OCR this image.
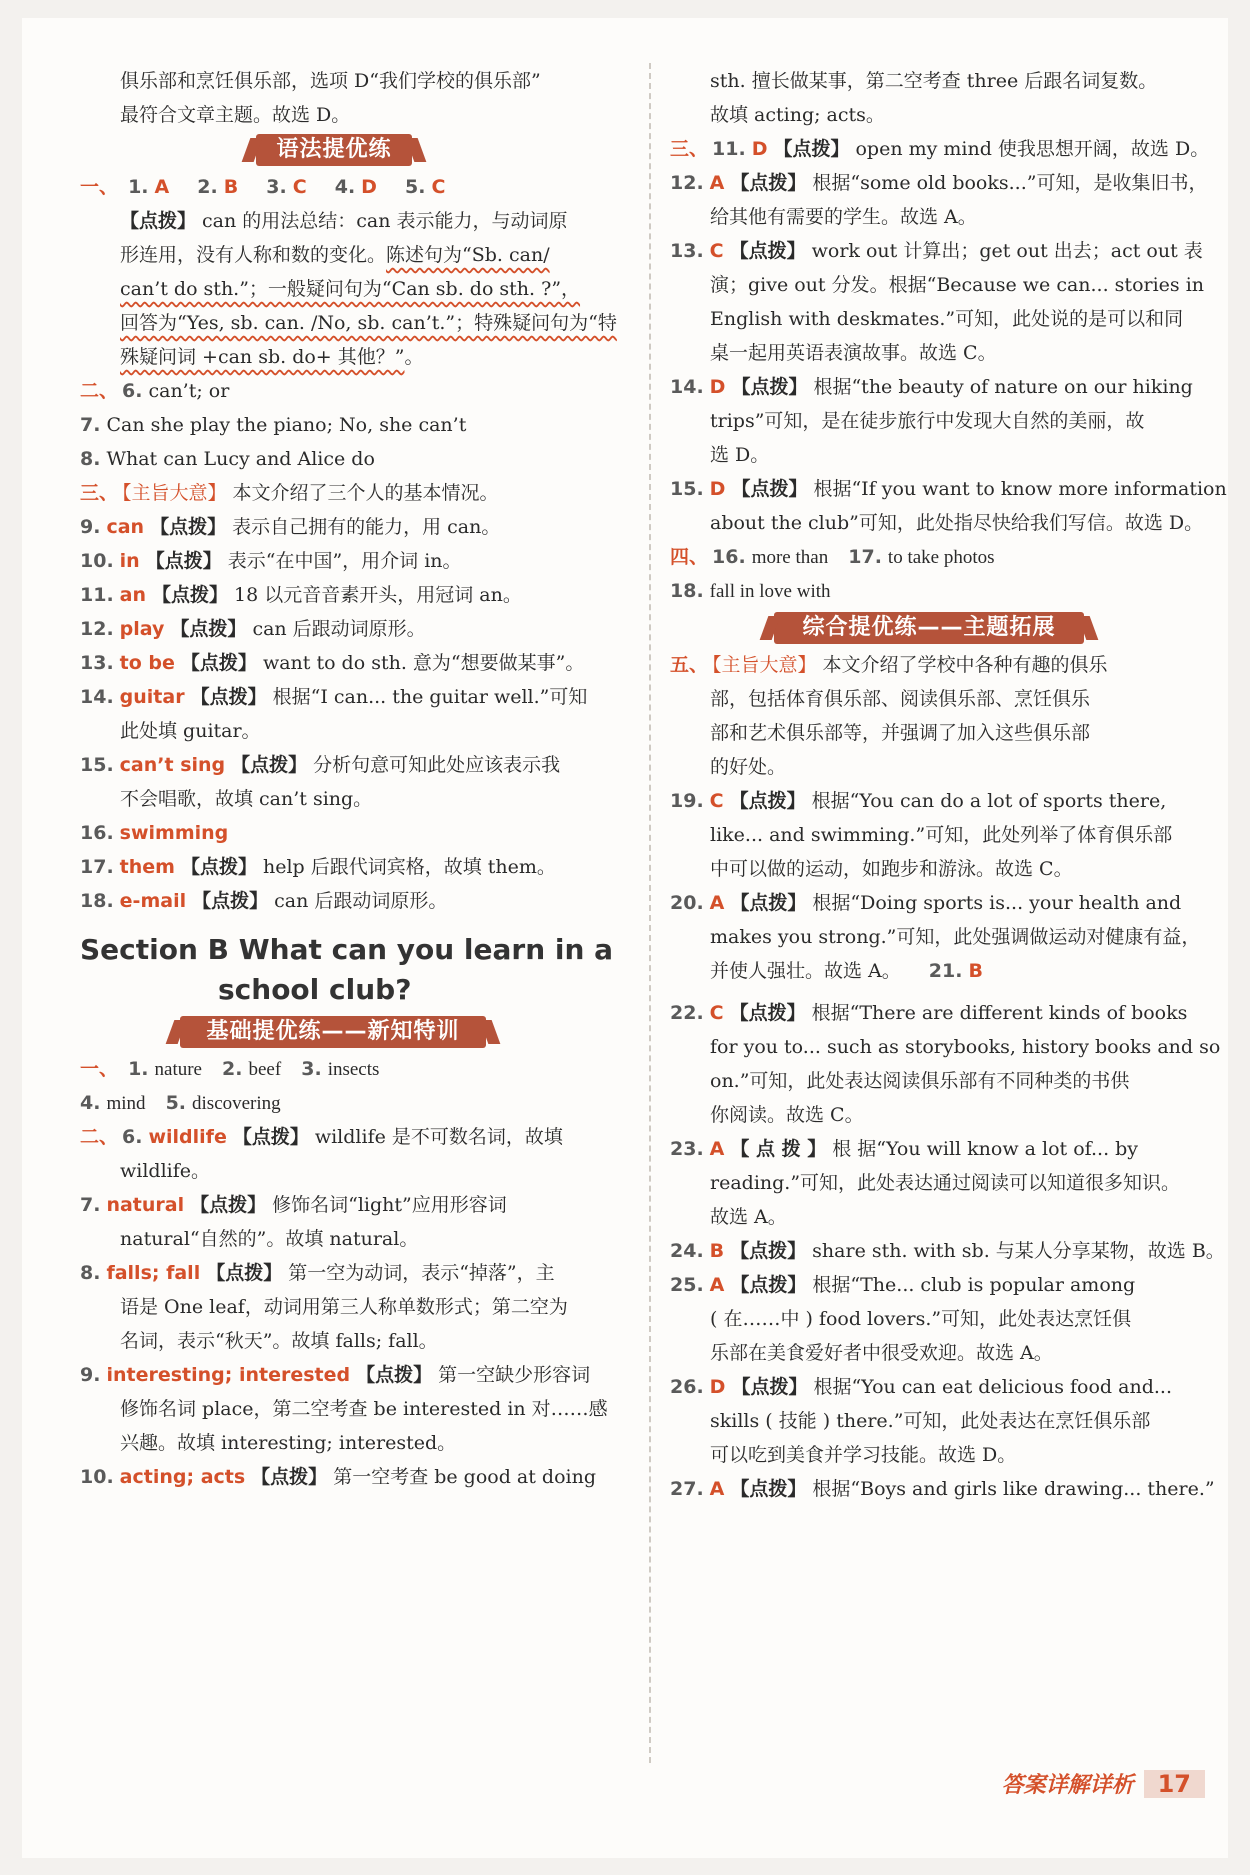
俱乐部和烹饪俱乐部，选项 D“我们学校的俱乐部”
最符合文章主题。故选 D。
语法提优练
一、 1. A 2. B 3. C 4. D 5. C
【点拨】 can 的用法总结：can 表示能力，与动词原
形连用，没有人称和数的变化。陈述句为“Sb. can/
can’t do sth.”；一般疑问句为“Can sb. do sth. ?”，
回答为“Yes, sb. can. /No, sb. can’t.”；特殊疑问句为“特
殊疑问词 +can sb. do+ 其他？”。
二、 6. can’t; or
7. Can she play the piano; No, she can’t
8. What can Lucy and Alice do
三、 【主旨大意】 本文介绍了三个人的基本情况。
9. can 【点拨】 表示自己拥有的能力，用 can。
10. in 【点拨】 表示“在中国”，用介词 in。
11. an 【点拨】 18 以元音音素开头，用冠词 an。
12. play 【点拨】 can 后跟动词原形。
13. to be 【点拨】 want to do sth. 意为“想要做某事”。
14. guitar 【点拨】 根据“I can... the guitar well.”可知
此处填 guitar。
15. can’t sing 【点拨】 分析句意可知此处应该表示我
不会唱歌，故填 can’t sing。
16. swimming
17. them 【点拨】 help 后跟代词宾格，故填 them。
18. e-mail 【点拨】 can 后跟动词原形。
Section B What can you learn in a
school club?
基础提优练——新知特训
一、 1. nature 2. beef 3. insects
4. mind 5. discovering
二、 6. wildlife 【点拨】 wildlife 是不可数名词，故填
wildlife。
7. natural 【点拨】 修饰名词“light”应用形容词
natural“自然的”。故填 natural。
8. falls; fall 【点拨】 第一空为动词，表示“掉落”，主
语是 One leaf，动词用第三人称单数形式；第二空为
名词，表示“秋天”。故填 falls; fall。
9. interesting; interested 【点拨】 第一空缺少形容词
修饰名词 place，第二空考查 be interested in 对……感
兴趣。故填 interesting; interested。
10. acting; acts 【点拨】 第一空考查 be good at doing
sth. 擅长做某事，第二空考查 three 后跟名词复数。
故填 acting; acts。
三、 11. D 【点拨】 open my mind 使我思想开阔，故选 D。
12. A 【点拨】 根据“some old books...”可知，是收集旧书，
给其他有需要的学生。故选 A。
13. C 【点拨】 work out 计算出；get out 出去；act out 表
演；give out 分发。根据“Because we can... stories in
English with deskmates.”可知，此处说的是可以和同
桌一起用英语表演故事。故选 C。
14. D 【点拨】 根据“the beauty of nature on our hiking
trips”可知，是在徒步旅行中发现大自然的美丽，故
选 D。
15. D 【点拨】 根据“If you want to know more information
about the club”可知，此处指尽快给我们写信。故选 D。
四、 16. more than 17. to take photos
18. fall in love with
综合提优练——主题拓展
五、 【主旨大意】 本文介绍了学校中各种有趣的俱乐
部，包括体育俱乐部、阅读俱乐部、烹饪俱乐
部和艺术俱乐部等，并强调了加入这些俱乐部
的好处。
19. C 【点拨】 根据“You can do a lot of sports there,
like... and swimming.”可知，此处列举了体育俱乐部
中可以做的运动，如跑步和游泳。故选 C。
20. A 【点拨】 根据“Doing sports is... your health and
makes you strong.”可知，此处强调做运动对健康有益，
并使人强壮。故选 A。 21. B
22. C 【点拨】 根据“There are different kinds of books
for you to... such as storybooks, history books and so
on.”可知，此处表达阅读俱乐部有不同种类的书供
你阅读。故选 C。
23. A 【 点 拨 】 根 据“You will know a lot of... by
reading.”可知，此处表达通过阅读可以知道很多知识。
故选 A。
24. B 【点拨】 share sth. with sb. 与某人分享某物，故选 B。
25. A 【点拨】 根据“The... club is popular among
( 在……中 ) food lovers.”可知，此处表达烹饪俱
乐部在美食爱好者中很受欢迎。故选 A。
26. D 【点拨】 根据“You can eat delicious food and...
skills ( 技能 ) there.”可知，此处表达在烹饪俱乐部
可以吃到美食并学习技能。故选 D。
27. A 【点拨】 根据“Boys and girls like drawing... there.”
答案详解详析 17
